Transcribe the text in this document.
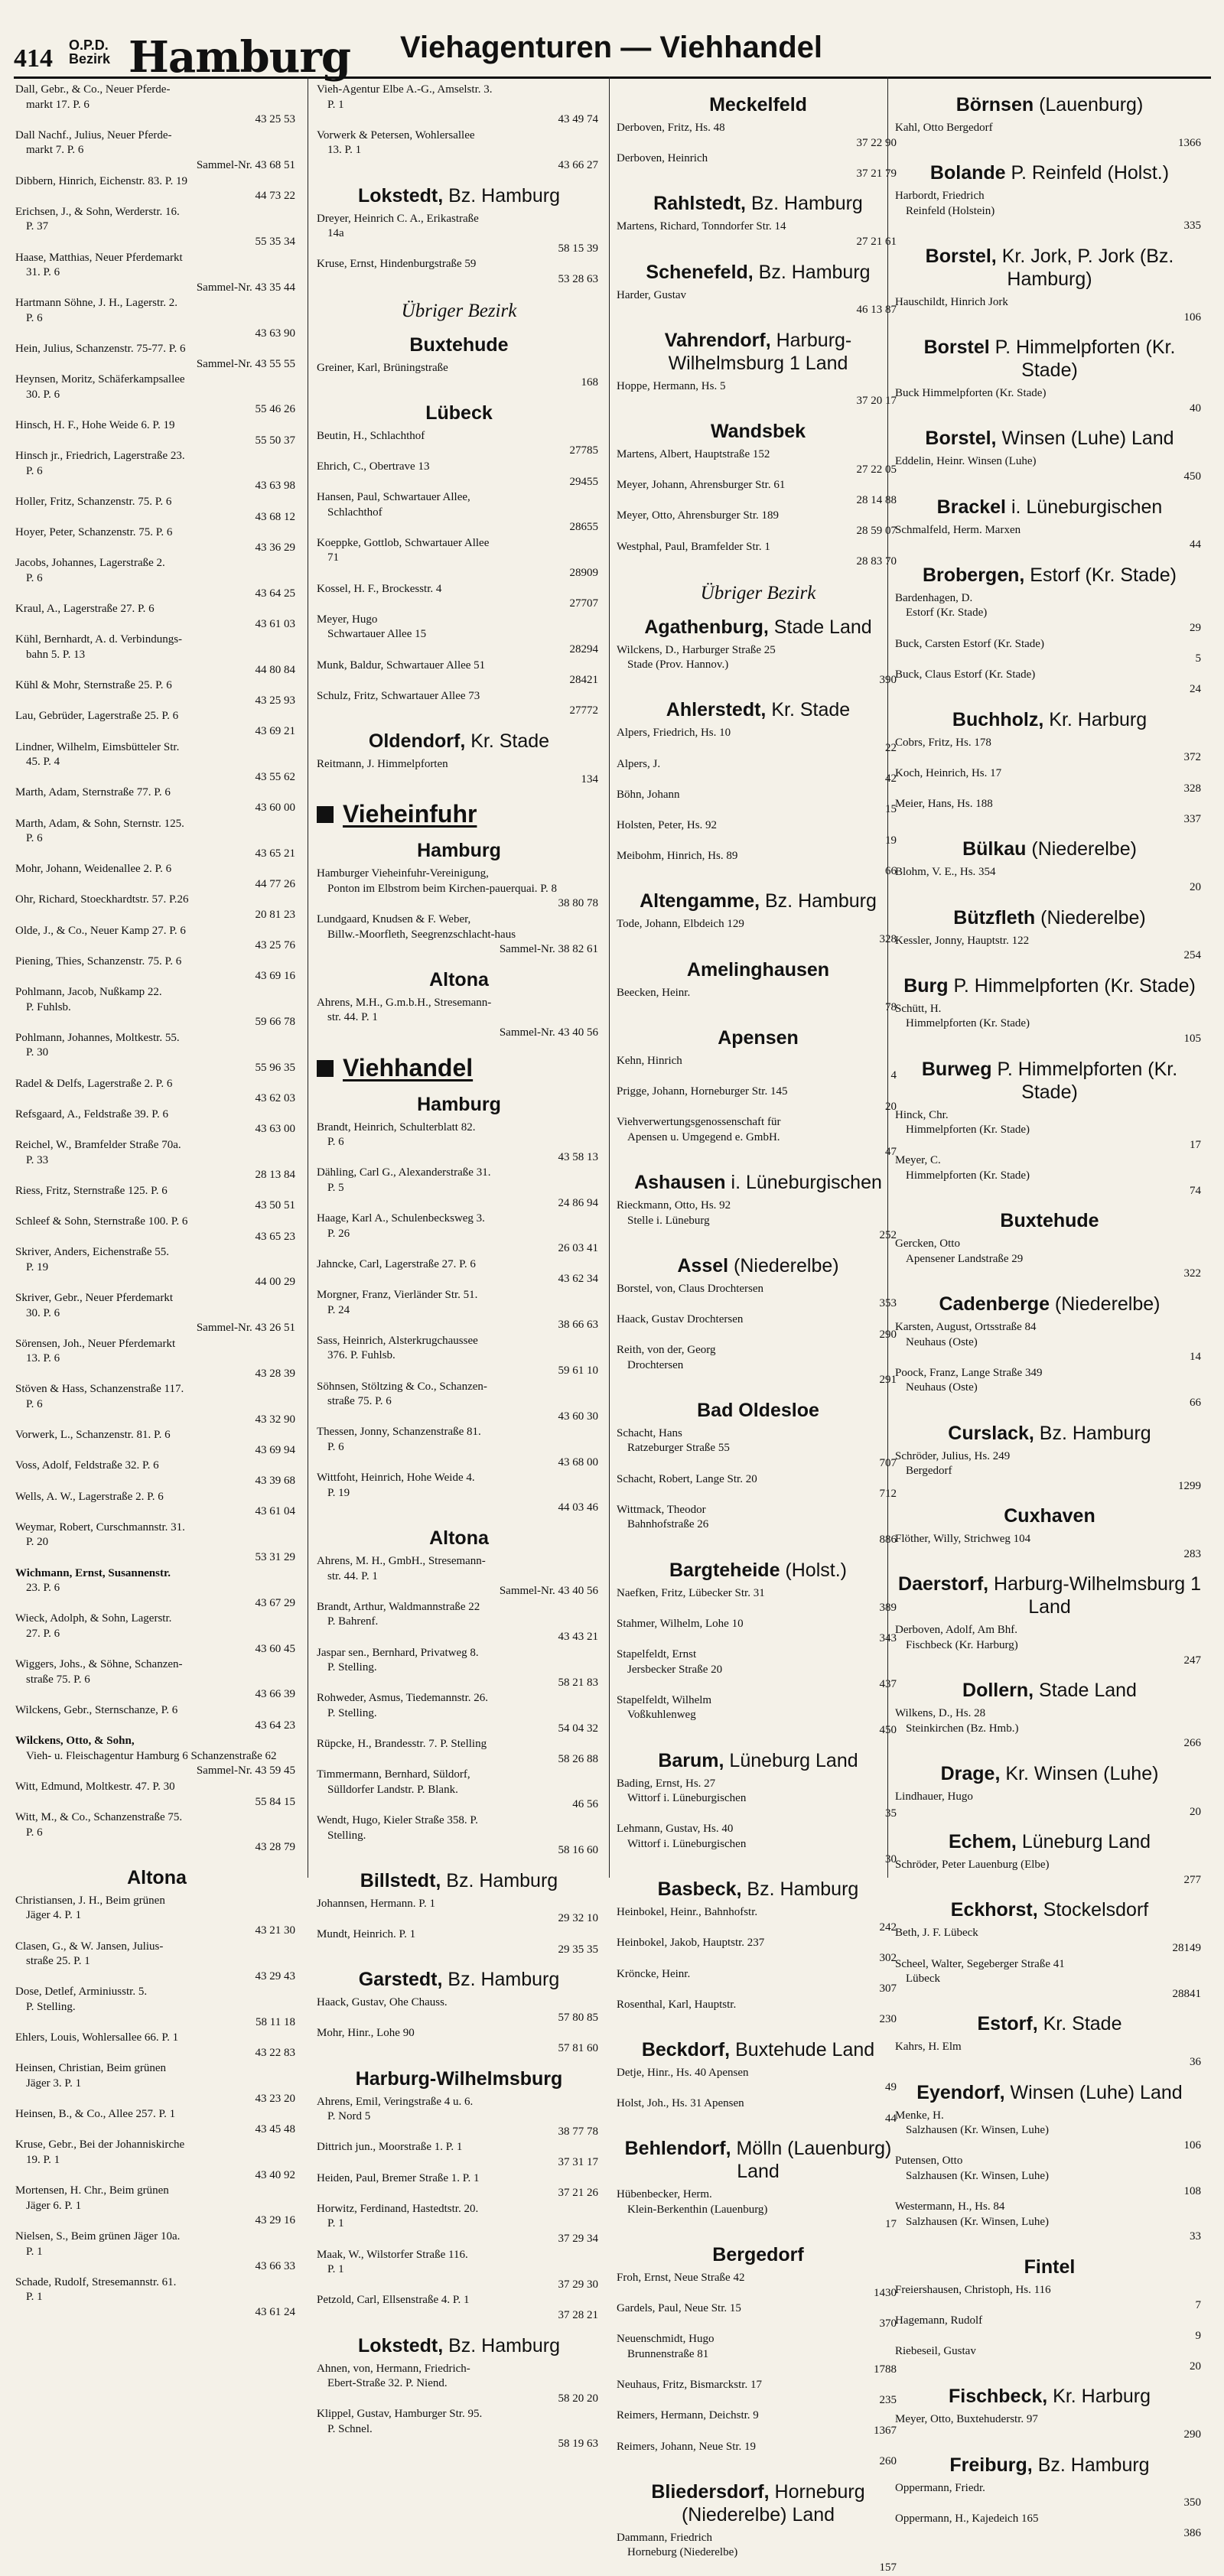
414 O.P.D.
Bezirk Hamburg Viehagenturen — Viehhandel
Dall, Gebr., & Co., Neuer Pferde-
markt 17. P. 6
43 25 53
Dall Nachf., Julius, Neuer Pferde-
markt 7. P. 6
Sammel-Nr. 43 68 51
Dibbern, Hinrich, Eichenstr. 83. P. 19
44 73 22
Erichsen, J., & Sohn, Werderstr. 16.
P. 37
55 35 34
Haase, Matthias, Neuer Pferdemarkt
31. P. 6
Sammel-Nr. 43 35 44
Hartmann Söhne, J. H., Lagerstr. 2.
P. 6
43 63 90
Hein, Julius, Schanzenstr. 75-77. P. 6
Sammel-Nr. 43 55 55
Heynsen, Moritz, Schäferkampsallee
30. P. 6
55 46 26
Hinsch, H. F., Hohe Weide 6. P. 19
55 50 37
Hinsch jr., Friedrich, Lagerstraße 23.
P. 6
43 63 98
Holler, Fritz, Schanzenstr. 75. P. 6
43 68 12
Hoyer, Peter, Schanzenstr. 75. P. 6
43 36 29
Jacobs, Johannes, Lagerstraße 2.
P. 6
43 64 25
Kraul, A., Lagerstraße 27. P. 6
43 61 03
Kühl, Bernhardt, A. d. Verbindungs-
bahn 5. P. 13
44 80 84
Kühl & Mohr, Sternstraße 25. P. 6
43 25 93
Lau, Gebrüder, Lagerstraße 25. P. 6
43 69 21
Lindner, Wilhelm, Eimsbütteler Str.
45. P. 4
43 55 62
Marth, Adam, Sternstraße 77. P. 6
43 60 00
Marth, Adam, & Sohn, Sternstr. 125.
P. 6
43 65 21
Mohr, Johann, Weidenallee 2. P. 6
44 77 26
Ohr, Richard, Stoeckhardtstr. 57. P.26
20 81 23
Olde, J., & Co., Neuer Kamp 27. P. 6
43 25 76
Piening, Thies, Schanzenstr. 75. P. 6
43 69 16
Pohlmann, Jacob, Nußkamp 22.
P. Fuhlsb.
59 66 78
Pohlmann, Johannes, Moltkestr. 55.
P. 30
55 96 35
Radel & Delfs, Lagerstraße 2. P. 6
43 62 03
Refsgaard, A., Feldstraße 39. P. 6
43 63 00
Reichel, W., Bramfelder Straße 70a.
P. 33
28 13 84
Riess, Fritz, Sternstraße 125. P. 6
43 50 51
Schleef & Sohn, Sternstraße 100. P. 6
43 65 23
Skriver, Anders, Eichenstraße 55.
P. 19
44 00 29
Skriver, Gebr., Neuer Pferdemarkt
30. P. 6
Sammel-Nr. 43 26 51
Sörensen, Joh., Neuer Pferdemarkt
13. P. 6
43 28 39
Stöven & Hass, Schanzenstraße 117.
P. 6
43 32 90
Vorwerk, L., Schanzenstr. 81. P. 6
43 69 94
Voss, Adolf, Feldstraße 32. P. 6
43 39 68
Wells, A. W., Lagerstraße 2. P. 6
43 61 04
Weymar, Robert, Curschmannstr. 31.
P. 20
53 31 29
Wichmann, Ernst, Susannenstr.
23. P. 6
43 67 29
Wieck, Adolph, & Sohn, Lagerstr.
27. P. 6
43 60 45
Wiggers, Johs., & Söhne, Schanzen-
straße 75. P. 6
43 66 39
Wilckens, Gebr., Sternschanze, P. 6
43 64 23
Wilckens, Otto, & Sohn,
Vieh- u. Fleischagentur Hamburg 6 Schanzenstraße 62
Sammel-Nr. 43 59 45
Witt, Edmund, Moltkestr. 47. P. 30
55 84 15
Witt, M., & Co., Schanzenstraße 75.
P. 6
43 28 79
Altona
Christiansen, J. H., Beim grünen
Jäger 4. P. 1
43 21 30
Clasen, G., & W. Jansen, Julius-
straße 25. P. 1
43 29 43
Dose, Detlef, Arminiusstr. 5.
P. Stelling.
58 11 18
Ehlers, Louis, Wohlersallee 66. P. 1
43 22 83
Heinsen, Christian, Beim grünen
Jäger 3. P. 1
43 23 20
Heinsen, B., & Co., Allee 257. P. 1
43 45 48
Kruse, Gebr., Bei der Johanniskirche
19. P. 1
43 40 92
Mortensen, H. Chr., Beim grünen
Jäger 6. P. 1
43 29 16
Nielsen, S., Beim grünen Jäger 10a.
P. 1
43 66 33
Schade, Rudolf, Stresemannstr. 61.
P. 1
43 61 24
Vieh-Agentur Elbe A.-G., Amselstr. 3.
P. 1
43 49 74
Vorwerk & Petersen, Wohlersallee
13. P. 1
43 66 27
Lokstedt, Bz. Hamburg
Dreyer, Heinrich C. A., Erikastraße
14a
58 15 39
Kruse, Ernst, Hindenburgstraße 59
53 28 63
Übriger Bezirk
Buxtehude
Greiner, Karl, Brüningstraße
168
Lübeck
Beutin, H., Schlachthof
27785
Ehrich, C., Obertrave 13
29455
Hansen, Paul, Schwartauer Allee,
Schlachthof
28655
Koeppke, Gottlob, Schwartauer Allee
71
28909
Kossel, H. F., Brockesstr. 4
27707
Meyer, Hugo
Schwartauer Allee 15
28294
Munk, Baldur, Schwartauer Allee 51
28421
Schulz, Fritz, Schwartauer Allee 73
27772
Oldendorf, Kr. Stade
Reitmann, J. Himmelpforten
134
Vieheinfuhr
Hamburg
Hamburger Vieheinfuhr-Vereinigung,
Ponton im Elbstrom beim Kirchen-pauerquai. P. 8
38 80 78
Lundgaard, Knudsen & F. Weber,
Billw.-Moorfleth, Seegrenzschlacht-haus
Sammel-Nr. 38 82 61
Altona
Ahrens, M.H., G.m.b.H., Stresemann-
str. 44. P. 1
Sammel-Nr. 43 40 56
Viehhandel
Hamburg
Brandt, Heinrich, Schulterblatt 82.
P. 6
43 58 13
Dähling, Carl G., Alexanderstraße 31.
P. 5
24 86 94
Haage, Karl A., Schulenbecksweg 3.
P. 26
26 03 41
Jahncke, Carl, Lagerstraße 27. P. 6
43 62 34
Morgner, Franz, Vierländer Str. 51.
P. 24
38 66 63
Sass, Heinrich, Alsterkrugchaussee
376. P. Fuhlsb.
59 61 10
Söhnsen, Stöltzing & Co., Schanzen-
straße 75. P. 6
43 60 30
Thessen, Jonny, Schanzenstraße 81.
P. 6
43 68 00
Wittfoht, Heinrich, Hohe Weide 4.
P. 19
44 03 46
Altona
Ahrens, M. H., GmbH., Stresemann-
str. 44. P. 1
Sammel-Nr. 43 40 56
Brandt, Arthur, Waldmannstraße 22
P. Bahrenf.
43 43 21
Jaspar sen., Bernhard, Privatweg 8.
P. Stelling.
58 21 83
Rohweder, Asmus, Tiedemannstr. 26.
P. Stelling.
54 04 32
Rüpcke, H., Brandesstr. 7. P. Stelling
58 26 88
Timmermann, Bernhard, Süldorf,
Sülldorfer Landstr. P. Blank.
46 56
Wendt, Hugo, Kieler Straße 358. P.
Stelling.
58 16 60
Billstedt, Bz. Hamburg
Johannsen, Hermann. P. 1
29 32 10
Mundt, Heinrich. P. 1
29 35 35
Garstedt, Bz. Hamburg
Haack, Gustav, Ohe Chauss.
57 80 85
Mohr, Hinr., Lohe 90
57 81 60
Harburg-Wilhelmsburg
Ahrens, Emil, Veringstraße 4 u. 6.
P. Nord 5
38 77 78
Dittrich jun., Moorstraße 1. P. 1
37 31 17
Heiden, Paul, Bremer Straße 1. P. 1
37 21 26
Horwitz, Ferdinand, Hastedtstr. 20.
P. 1
37 29 34
Maak, W., Wilstorfer Straße 116.
P. 1
37 29 30
Petzold, Carl, Ellsenstraße 4. P. 1
37 28 21
Lokstedt, Bz. Hamburg
Ahnen, von, Hermann, Friedrich-
Ebert-Straße 32. P. Niend.
58 20 20
Klippel, Gustav, Hamburger Str. 95.
P. Schnel.
58 19 63
Meckelfeld
Derboven, Fritz, Hs. 48
37 22 90
Derboven, Heinrich
37 21 79
Rahlstedt, Bz. Hamburg
Martens, Richard, Tonndorfer Str. 14
27 21 61
Schenefeld, Bz. Hamburg
Harder, Gustav
46 13 87
Vahrendorf, Harburg-Wilhelmsburg 1 Land
Hoppe, Hermann, Hs. 5
37 20 17
Wandsbek
Martens, Albert, Hauptstraße 152
27 22 05
Meyer, Johann, Ahrensburger Str. 61
28 14 88
Meyer, Otto, Ahrensburger Str. 189
28 59 07
Westphal, Paul, Bramfelder Str. 1
28 83 70
Übriger Bezirk
Agathenburg, Stade Land
Wilckens, D., Harburger Straße 25
Stade (Prov. Hannov.)
390
Ahlerstedt, Kr. Stade
Alpers, Friedrich, Hs. 10
22
Alpers, J.
42
Böhn, Johann
15
Holsten, Peter, Hs. 92
19
Meibohm, Hinrich, Hs. 89
66
Altengamme, Bz. Hamburg
Tode, Johann, Elbdeich 129
328
Amelinghausen
Beecken, Heinr.
78
Apensen
Kehn, Hinrich
4
Prigge, Johann, Horneburger Str. 145
20
Viehverwertungsgenossenschaft für
Apensen u. Umgegend e. GmbH.
47
Ashausen i. Lüneburgischen
Rieckmann, Otto, Hs. 92
Stelle i. Lüneburg
252
Assel (Niederelbe)
Borstel, von, Claus Drochtersen
353
Haack, Gustav Drochtersen
290
Reith, von der, Georg
Drochtersen
291
Bad Oldesloe
Schacht, Hans
Ratzeburger Straße 55
707
Schacht, Robert, Lange Str. 20
712
Wittmack, Theodor
Bahnhofstraße 26
886
Bargteheide (Holst.)
Naefken, Fritz, Lübecker Str. 31
389
Stahmer, Wilhelm, Lohe 10
343
Stapelfeldt, Ernst
Jersbecker Straße 20
437
Stapelfeldt, Wilhelm
Voßkuhlenweg
450
Barum, Lüneburg Land
Bading, Ernst, Hs. 27
Wittorf i. Lüneburgischen
35
Lehmann, Gustav, Hs. 40
Wittorf i. Lüneburgischen
30
Basbeck, Bz. Hamburg
Heinbokel, Heinr., Bahnhofstr.
242
Heinbokel, Jakob, Hauptstr. 237
302
Kröncke, Heinr.
307
Rosenthal, Karl, Hauptstr.
230
Beckdorf, Buxtehude Land
Detje, Hinr., Hs. 40 Apensen
49
Holst, Joh., Hs. 31 Apensen
44
Behlendorf, Mölln (Lauenburg) Land
Hübenbecker, Herm.
Klein-Berkenthin (Lauenburg)
17
Bergedorf
Froh, Ernst, Neue Straße 42
1430
Gardels, Paul, Neue Str. 15
370
Neuenschmidt, Hugo
Brunnenstraße 81
1788
Neuhaus, Fritz, Bismarckstr. 17
235
Reimers, Hermann, Deichstr. 9
1367
Reimers, Johann, Neue Str. 19
260
Bliedersdorf, Horneburg (Niederelbe) Land
Dammann, Friedrich
Horneburg (Niederelbe)
157
Börnsen (Lauenburg)
Kahl, Otto Bergedorf
1366
Bolande P. Reinfeld (Holst.)
Harbordt, Friedrich
Reinfeld (Holstein)
335
Borstel, Kr. Jork, P. Jork (Bz. Hamburg)
Hauschildt, Hinrich Jork
106
Borstel P. Himmelpforten (Kr. Stade)
Buck Himmelpforten (Kr. Stade)
40
Borstel, Winsen (Luhe) Land
Eddelin, Heinr. Winsen (Luhe)
450
Brackel i. Lüneburgischen
Schmalfeld, Herm. Marxen
44
Brobergen, Estorf (Kr. Stade)
Bardenhagen, D.
Estorf (Kr. Stade)
29
Buck, Carsten Estorf (Kr. Stade)
5
Buck, Claus Estorf (Kr. Stade)
24
Buchholz, Kr. Harburg
Cobrs, Fritz, Hs. 178
372
Koch, Heinrich, Hs. 17
328
Meier, Hans, Hs. 188
337
Bülkau (Niederelbe)
Blohm, V. E., Hs. 354
20
Bützfleth (Niederelbe)
Kessler, Jonny, Hauptstr. 122
254
Burg P. Himmelpforten (Kr. Stade)
Schütt, H.
Himmelpforten (Kr. Stade)
105
Burweg P. Himmelpforten (Kr. Stade)
Hinck, Chr.
Himmelpforten (Kr. Stade)
17
Meyer, C.
Himmelpforten (Kr. Stade)
74
Buxtehude
Gercken, Otto
Apensener Landstraße 29
322
Cadenberge (Niederelbe)
Karsten, August, Ortsstraße 84
Neuhaus (Oste)
14
Poock, Franz, Lange Straße 349
Neuhaus (Oste)
66
Curslack, Bz. Hamburg
Schröder, Julius, Hs. 249
Bergedorf
1299
Cuxhaven
Flöther, Willy, Strichweg 104
283
Daerstorf, Harburg-Wilhelmsburg 1 Land
Derboven, Adolf, Am Bhf.
Fischbeck (Kr. Harburg)
247
Dollern, Stade Land
Wilkens, D., Hs. 28
Steinkirchen (Bz. Hmb.)
266
Drage, Kr. Winsen (Luhe)
Lindhauer, Hugo
20
Echem, Lüneburg Land
Schröder, Peter Lauenburg (Elbe)
277
Eckhorst, Stockelsdorf
Beth, J. F. Lübeck
28149
Scheel, Walter, Segeberger Straße 41
Lübeck
28841
Estorf, Kr. Stade
Kahrs, H. Elm
36
Eyendorf, Winsen (Luhe) Land
Menke, H.
Salzhausen (Kr. Winsen, Luhe)
106
Putensen, Otto
Salzhausen (Kr. Winsen, Luhe)
108
Westermann, H., Hs. 84
Salzhausen (Kr. Winsen, Luhe)
33
Fintel
Freiershausen, Christoph, Hs. 116
7
Hagemann, Rudolf
9
Riebeseil, Gustav
20
Fischbeck, Kr. Harburg
Meyer, Otto, Buxtehuderstr. 97
290
Freiburg, Bz. Hamburg
Oppermann, Friedr.
350
Oppermann, H., Kajedeich 165
386
